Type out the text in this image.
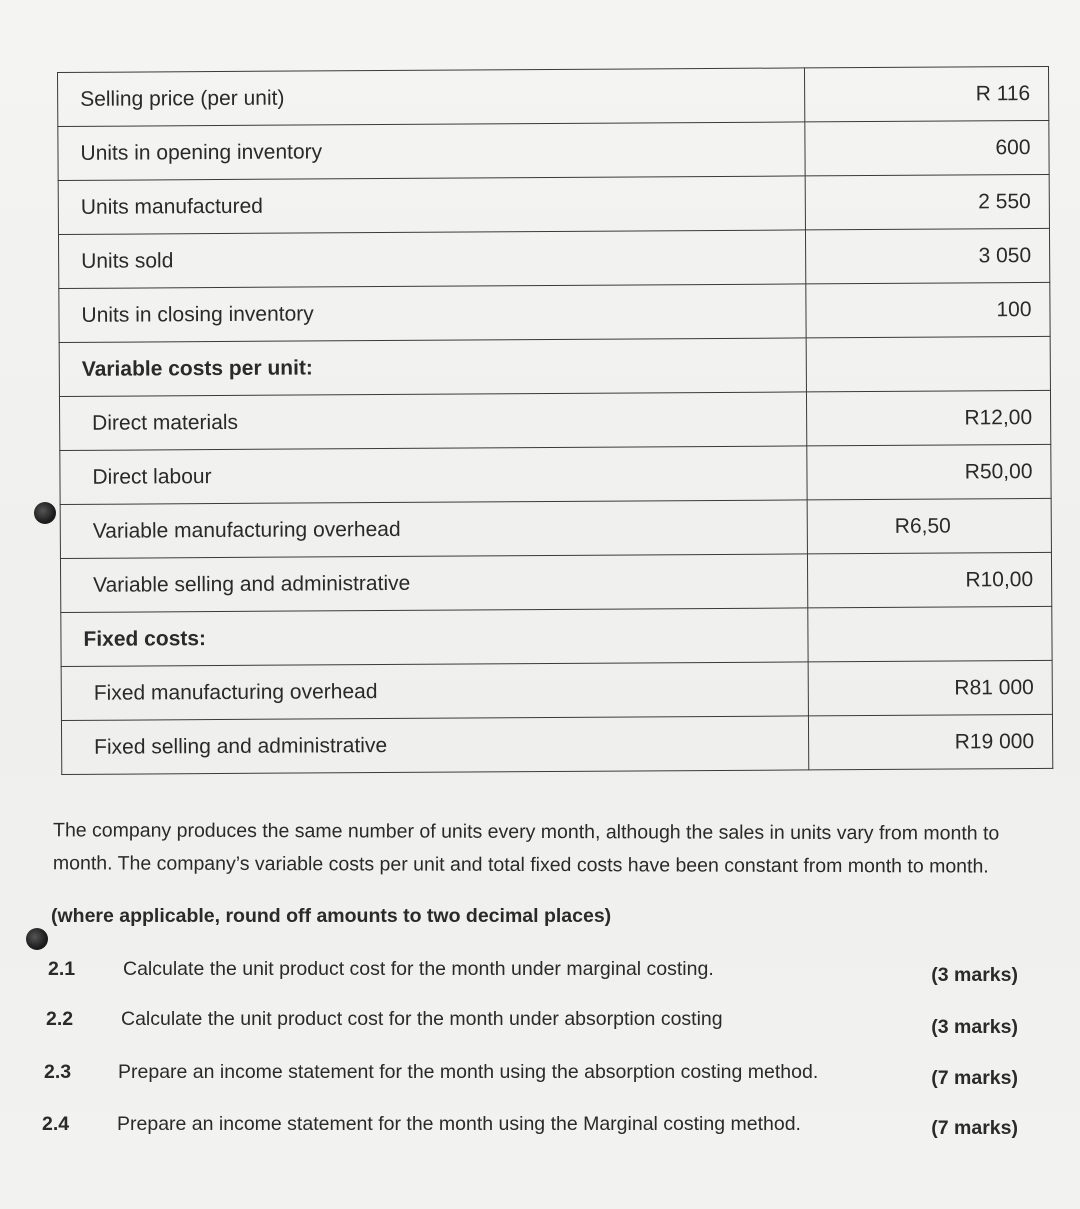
Selling price (per unit)	R 116
Units in opening inventory	600
Units manufactured	2 550
Units sold	3 050
Units in closing inventory	100
Variable costs per unit:	
Direct materials	R12,00
Direct labour	R50,00
Variable manufacturing overhead	R6,50
Variable selling and administrative	R10,00
Fixed costs:	
Fixed manufacturing overhead	R81 000
Fixed selling and administrative	R19 000
The company produces the same number of units every month, although the sales in units vary from month to month. The company’s variable costs per unit and total fixed costs have been constant from month to month.
(where applicable, round off amounts to two decimal places)
2.1 Calculate the unit product cost for the month under marginal costing.	(3 marks)
2.2 Calculate the unit product cost for the month under absorption costing	(3 marks)
2.3 Prepare an income statement for the month using the absorption costing method.	(7 marks)
2.4 Prepare an income statement for the month using the Marginal costing method.	(7 marks)
